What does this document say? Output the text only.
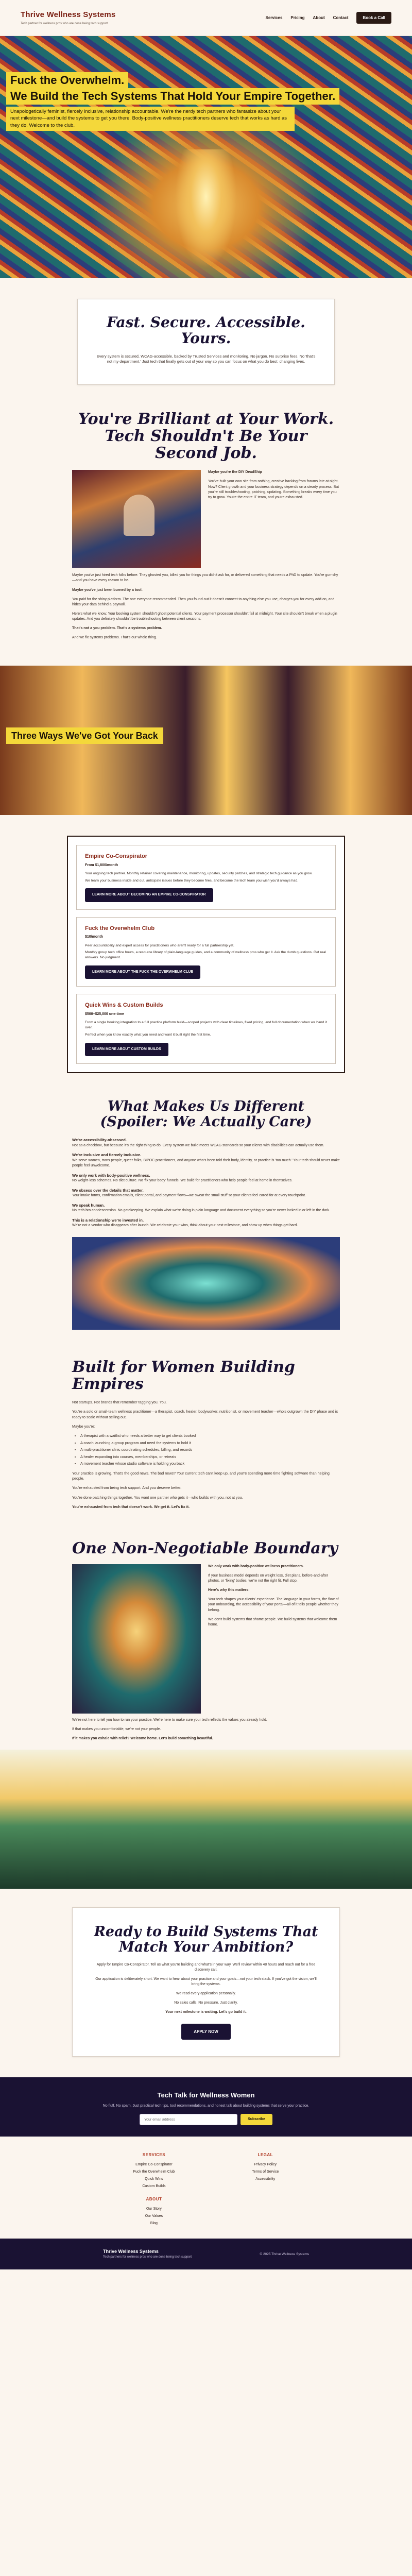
Thrive Wellness Systems
Tech partner for wellness pros who are done being tech support
Services Pricing About Contact	Book a Call
Fuck the Overwhelm.
We Build the Tech Systems That Hold Your Empire Together.
Unapologetically feminist, fiercely inclusive, relationship accountable. We're the nerdy tech partners who fantasize about your next milestone—and build the systems to get you there. Body-positive wellness practitioners deserve tech that works as hard as they do. Welcome to the club.
Fast. Secure. Accessible. Yours.

Every system is secured, WCAG-accessible, backed by Trusted Services and monitoring. No jargon. No surprise fees. No 'that's not my department.' Just tech that finally gets out of your way so you can focus on what you do best: changing lives.

You're Brilliant at Your Work. Tech Shouldn't Be Your Second Job.

Maybe you're the DIY DeadShip

You've built your own site from nothing, creative hacking from forums late at night. Now? Client growth and your business strategy depends on a steady process. But you're still troubleshooting, patching, updating. Something breaks every time you try to grow. You're the entire IT team, and you're exhausted.

Maybe you've just hired tech folks before. They ghosted you, billed you for things you didn't ask for, or delivered something that needs a PhD to update. You're gun-shy—and you have every reason to be.

Maybe you've just been burned by a tool.

You paid for the shiny platform. The one everyone recommended. Then you found out it doesn't connect to anything else you use, charges you for every add-on, and hides your data behind a paywall.

Here's what we know: Your booking system shouldn't ghost potential clients. Your payment processor shouldn't fail at midnight. Your site shouldn't break when a plugin updates. And you definitely shouldn't be troubleshooting between client sessions.

That's not a you problem. That's a systems problem.

And we fix systems problems. That's our whole thing.

Three Ways We've Got Your Back
Empire Co-Conspirator
From $1,800/month

Your ongoing tech partner. Monthly retainer covering maintenance, monitoring, updates, security patches, and strategic tech guidance as you grow.

We learn your business inside and out, anticipate issues before they become fires, and become the tech team you wish you'd always had.

LEARN MORE ABOUT BECOMING AN EMPIRE CO-CONSPIRATOR
Fuck the Overwhelm Club
$10/month

Peer accountability and expert access for practitioners who aren't ready for a full partnership yet.

Monthly group tech office hours, a resource library of plain-language guides, and a community of wellness pros who get it. Ask the dumb questions. Get real answers. No judgment.

LEARN MORE ABOUT THE FUCK THE OVERWHELM CLUB
Quick Wins & Custom Builds
$500–$25,000 one-time

From a single booking integration to a full practice platform build—scoped projects with clear timelines, fixed pricing, and full documentation when we hand it over.

Perfect when you know exactly what you need and want it built right the first time.

LEARN MORE ABOUT CUSTOM BUILDS
What Makes Us Different (Spoiler: We Actually Care)
We're accessibility-obsessed.
Not as a checkbox, but because it's the right thing to do. Every system we build meets WCAG standards so your clients with disabilities can actually use them.
We're inclusive and fiercely inclusive.
We serve women, trans people, queer folks, BIPOC practitioners, and anyone who's been told their body, identity, or practice is 'too much.' Your tech should never make people feel unwelcome.
We only work with body-positive wellness.
No weight-loss schemes. No diet culture. No 'fix your body' funnels. We build for practitioners who help people feel at home in themselves.
We obsess over the details that matter.
Your intake forms, confirmation emails, client portal, and payment flows—we sweat the small stuff so your clients feel cared for at every touchpoint.
We speak human.
No tech bro condescension. No gatekeeping. We explain what we're doing in plain language and document everything so you're never locked in or left in the dark.
This is a relationship we're invested in.
We're not a vendor who disappears after launch. We celebrate your wins, think about your next milestone, and show up when things get hard.
Built for Women Building Empires

Not startups. Not brands that remember tagging you. You.

You're a solo or small-team wellness practitioner—a therapist, coach, healer, bodyworker, nutritionist, or movement teacher—who's outgrown the DIY phase and is ready to scale without selling out.

Maybe you're:

• A therapist with a waitlist who needs a better way to get clients booked
• A coach launching a group program and need the systems to hold it
• A multi-practitioner clinic coordinating schedules, billing, and records
• A healer expanding into courses, memberships, or retreats
• A movement teacher whose studio software is holding you back

Your practice is growing. That's the good news. The bad news? Your current tech can't keep up, and you're spending more time fighting software than helping people.

You're exhausted from being tech support. And you deserve better.

You're done patching things together. You want one partner who gets it—who builds with you, not at you.

You're exhausted from tech that doesn't work. We get it. Let's fix it.

One Non-Negotiable Boundary

We only work with body-positive wellness practitioners.

If your business model depends on weight loss, diet plans, before-and-after photos, or 'fixing' bodies, we're not the right fit. Full stop.

Here's why this matters:

Your tech shapes your clients' experience. The language in your forms, the flow of your onboarding, the accessibility of your portal—all of it tells people whether they belong.

We don't build systems that shame people. We build systems that welcome them home.

We're not here to tell you how to run your practice. We're here to make sure your tech reflects the values you already hold.

If that makes you uncomfortable, we're not your people.

If it makes you exhale with relief? Welcome home. Let's build something beautiful.

Ready to Build Systems That Match Your Ambition?

Apply for Empire Co-Conspirator. Tell us what you're building and what's in your way. We'll review within 48 hours and reach out for a free discovery call.

Our application is deliberately short. We want to hear about your practice and your goals—not your tech stack. If you've got the vision, we'll bring the systems.

We read every application personally.

No sales calls. No pressure. Just clarity.

Your next milestone is waiting. Let's go build it.

APPLY NOW
Tech Talk for Wellness Women

No fluff. No spam. Just practical tech tips, tool recommendations, and honest talk about building systems that serve your practice.

Your email address
Subscribe
SERVICES
Empire Co-Conspirator
Fuck the Overwhelm Club
Quick Wins
Custom Builds
ABOUT
Our Story
Our Values
Blog
LEGAL
Privacy Policy
Terms of Service
Accessibility
Thrive Wellness Systems
Tech partners for wellness pros who are done being tech support
© 2025 Thrive Wellness Systems
